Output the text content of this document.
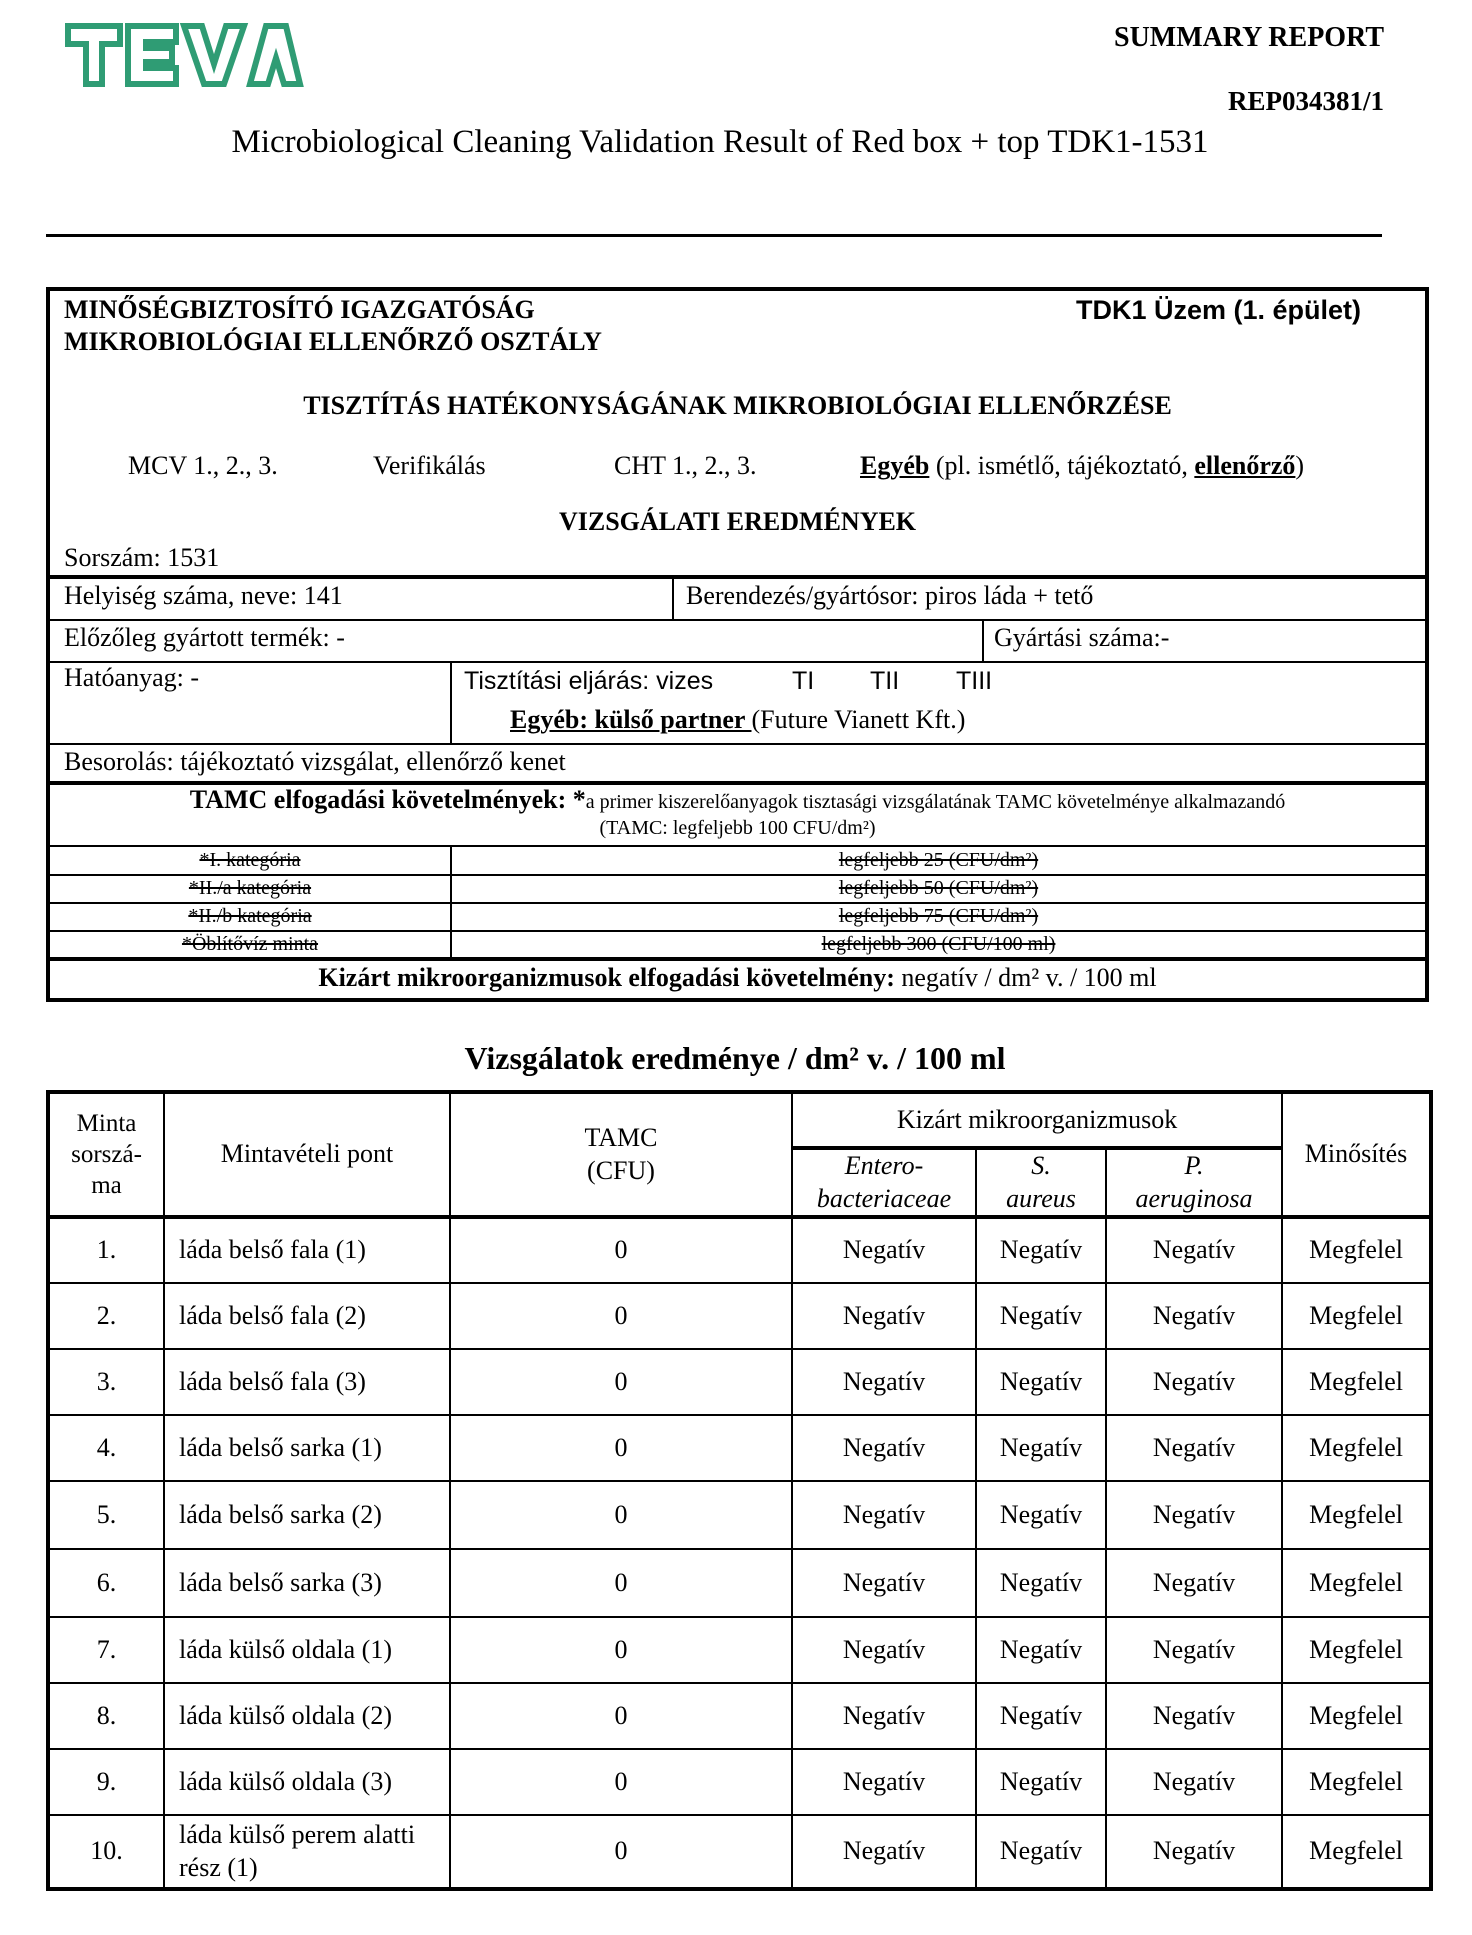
SUMMARY REPORT
REP034381/1
Microbiological Cleaning Validation Result of Red box + top TDK1-1531
MINŐSÉGBIZTOSÍTÓ IGAZGATÓSÁG
MIKROBIOLÓGIAI ELLENŐRZŐ OSZTÁLY
TDK1 Üzem (1. épület)
TISZTÍTÁS HATÉKONYSÁGÁNAK MIKROBIOLÓGIAI ELLENŐRZÉSE
MCV 1., 2., 3.	Verifikálás	CHT 1., 2., 3.	Egyéb (pl. ismétlő, tájékoztató, ellenőrző)
VIZSGÁLATI EREDMÉNYEK
Sorszám: 1531
Helyiség száma, neve: 141	Berendezés/gyártósor: piros láda + tető
Előzőleg gyártott termék: -	Gyártási száma:-
Hatóanyag: -	Tisztítási eljárás: vizes	TI TII TIII
Egyéb: külső partner (Future Vianett Kft.)
Besorolás: tájékoztató vizsgálat, ellenőrző kenet
TAMC elfogadási követelmények: *a primer kiszerelőanyagok tisztasági vizsgálatának TAMC követelménye alkalmazandó
(TAMC: legfeljebb 100 CFU/dm²)
*I. kategória	legfeljebb 25 (CFU/dm²)
*II./a kategória	legfeljebb 50 (CFU/dm²)
*II./b kategória	legfeljebb 75 (CFU/dm²)
*Öblítővíz minta	legfeljebb 300 (CFU/100 ml)
Kizárt mikroorganizmusok elfogadási követelmény: negatív / dm² v. / 100 ml
Vizsgálatok eredménye / dm² v. / 100 ml
Minta sorszá-ma	Mintavételi pont	TAMC (CFU)	Kizárt mikroorganizmusok			Minősítés
			Entero-bacteriaceae	S. aureus	P. aeruginosa	
1.	láda belső fala (1)	0	Negatív	Negatív	Negatív	Megfelel
2.	láda belső fala (2)	0	Negatív	Negatív	Negatív	Megfelel
3.	láda belső fala (3)	0	Negatív	Negatív	Negatív	Megfelel
4.	láda belső sarka (1)	0	Negatív	Negatív	Negatív	Megfelel
5.	láda belső sarka (2)	0	Negatív	Negatív	Negatív	Megfelel
6.	láda belső sarka (3)	0	Negatív	Negatív	Negatív	Megfelel
7.	láda külső oldala (1)	0	Negatív	Negatív	Negatív	Megfelel
8.	láda külső oldala (2)	0	Negatív	Negatív	Negatív	Megfelel
9.	láda külső oldala (3)	0	Negatív	Negatív	Negatív	Megfelel
10.	láda külső perem alatti rész (1)	0	Negatív	Negatív	Negatív	Megfelel
